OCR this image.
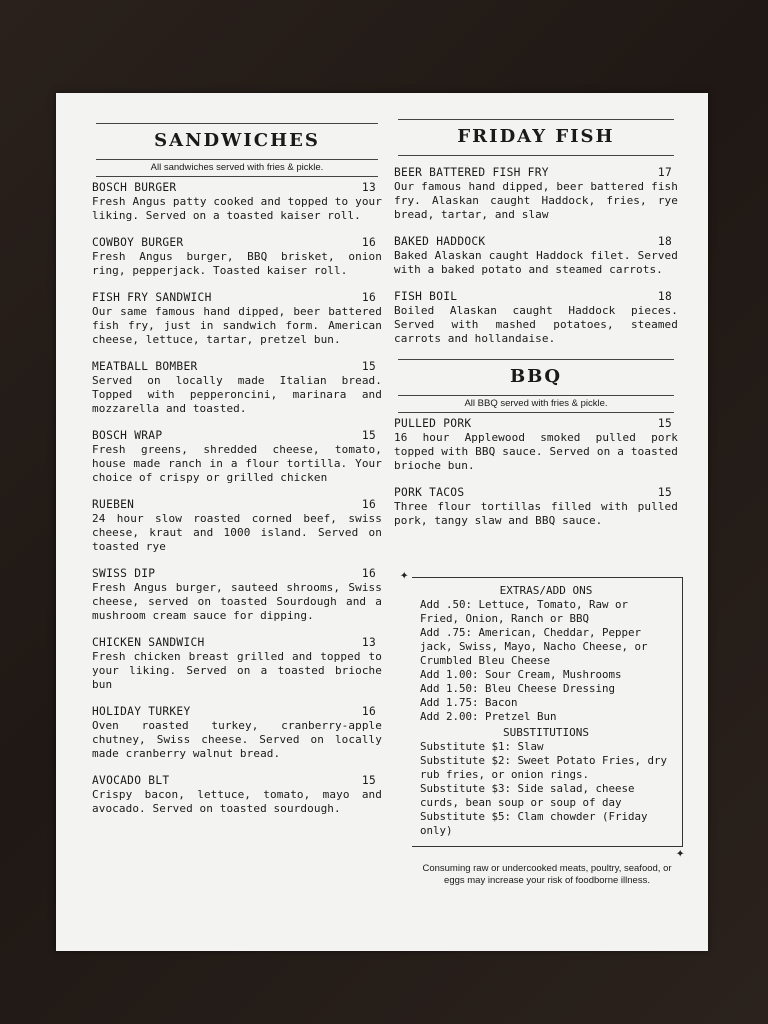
SANDWICHES
All sandwiches served with fries & pickle.
BOSCH BURGER	13
Fresh Angus patty cooked and topped to your liking. Served on a toasted kaiser roll.
COWBOY BURGER	16
Fresh Angus burger, BBQ brisket, onion ring, pepperjack. Toasted kaiser roll.
FISH FRY SANDWICH	16
Our same famous hand dipped, beer battered fish fry, just in sandwich form. American cheese, lettuce, tartar, pretzel bun.
MEATBALL BOMBER	15
Served on locally made Italian bread. Topped with pepperoncini, marinara and mozzarella and toasted.
BOSCH WRAP	15
Fresh greens, shredded cheese, tomato, house made ranch in a flour tortilla. Your choice of crispy or grilled chicken
RUEBEN	16
24 hour slow roasted corned beef, swiss cheese, kraut and 1000 island. Served on toasted rye
SWISS DIP	16
Fresh Angus burger, sauteed shrooms, Swiss cheese, served on toasted Sourdough and a mushroom cream sauce for dipping.
CHICKEN SANDWICH	13
Fresh chicken breast grilled and topped to your liking. Served on a toasted brioche bun
HOLIDAY TURKEY	16
Oven roasted turkey, cranberry-apple chutney, Swiss cheese. Served on locally made cranberry walnut bread.
AVOCADO BLT	15
Crispy bacon, lettuce, tomato, mayo and avocado. Served on toasted sourdough.
FRIDAY FISH
BEER BATTERED FISH FRY	17
Our famous hand dipped, beer battered fish fry. Alaskan caught Haddock, fries, rye bread, tartar, and slaw
BAKED HADDOCK	18
Baked Alaskan caught Haddock filet. Served with a baked potato and steamed carrots.
FISH BOIL	18
Boiled Alaskan caught Haddock pieces. Served with mashed potatoes, steamed carrots and hollandaise.
BBQ
All BBQ served with fries & pickle.
PULLED PORK	15
16 hour Applewood smoked pulled pork topped with BBQ sauce. Served on a toasted brioche bun.
PORK TACOS	15
Three flour tortillas filled with pulled pork, tangy slaw and BBQ sauce.
✦
EXTRAS/ADD ONS
Add .50: Lettuce, Tomato, Raw or Fried, Onion, Ranch or BBQ
Add .75: American, Cheddar, Pepper jack, Swiss, Mayo, Nacho Cheese, or Crumbled Bleu Cheese
Add 1.00: Sour Cream, Mushrooms
Add 1.50: Bleu Cheese Dressing
Add 1.75: Bacon
Add 2.00: Pretzel Bun
SUBSTITUTIONS
Substitute $1: Slaw
Substitute $2: Sweet Potato Fries, dry rub fries, or onion rings.
Substitute $3: Side salad, cheese curds, bean soup or soup of day
Substitute $5: Clam chowder (Friday only)
✦
Consuming raw or undercooked meats, poultry, seafood, or eggs may increase your risk of foodborne illness.
